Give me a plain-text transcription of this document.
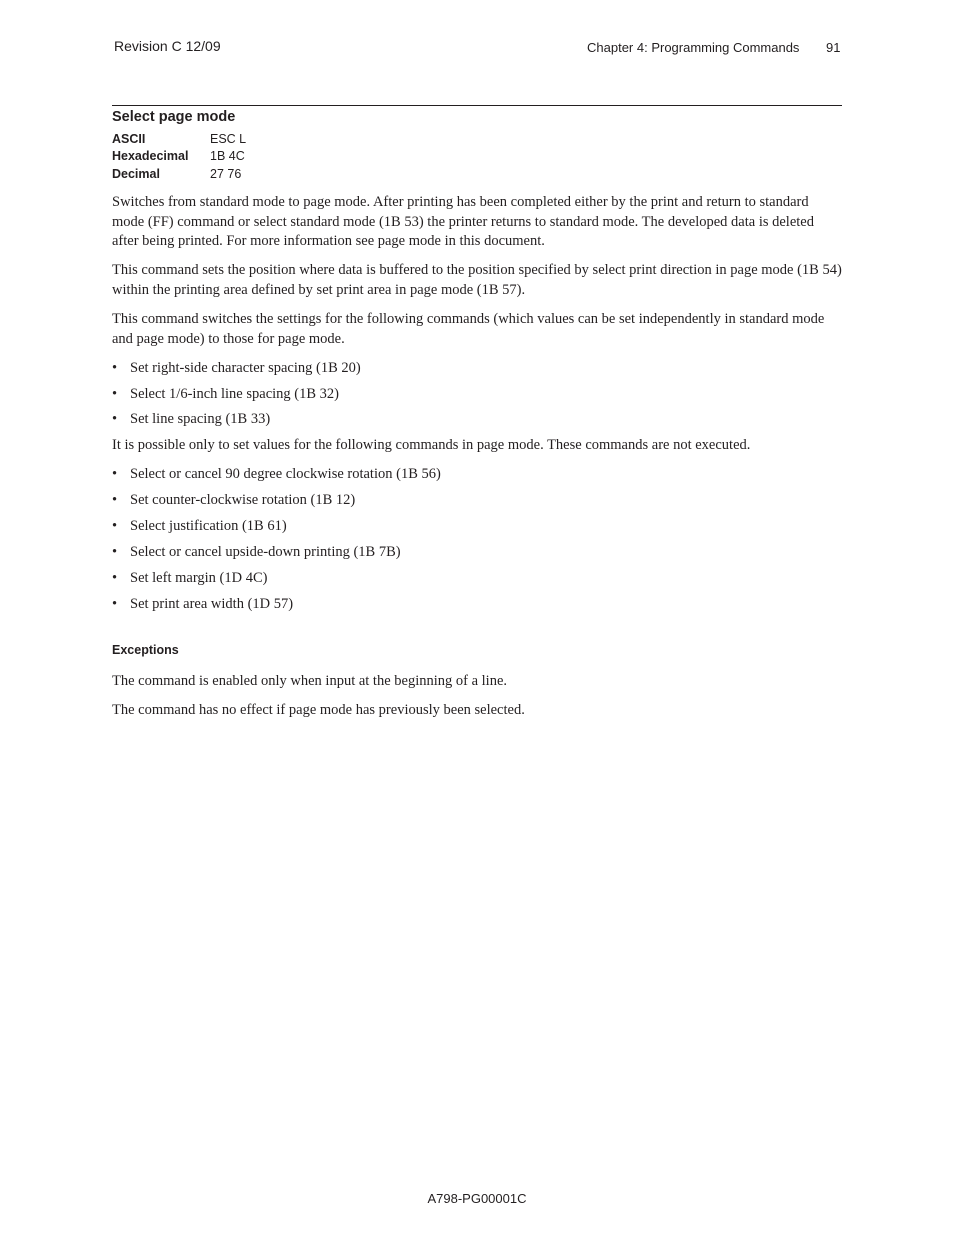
Revision C 12/09	Chapter 4: Programming Commands 91
Select page mode
ASCII	ESC L
Hexadecimal 1B 4C
Decimal	27 76

Switches from standard mode to page mode. After printing has been completed either by the print and return to standard mode (FF) command or select standard mode (1B 53) the printer returns to standard mode. The developed data is deleted after being printed. For more information see page mode in this document.

This command sets the position where data is buffered to the position specified by select print direction in page mode (1B 54) within the printing area defined by set print area in page mode (1B 57).

This command switches the settings for the following commands (which values can be set independently in standard mode and page mode) to those for page mode.

• Set right-side character spacing (1B 20)
• Select 1/6-inch line spacing (1B 32)
• Set line spacing (1B 33)

It is possible only to set values for the following commands in page mode. These commands are not executed.

• Select or cancel 90 degree clockwise rotation (1B 56)
• Set counter-clockwise rotation (1B 12)
• Select justification (1B 61)
• Select or cancel upside-down printing (1B 7B)
• Set left margin (1D 4C)
• Set print area width (1D 57)
Exceptions

The command is enabled only when input at the beginning of a line.

The command has no effect if page mode has previously been selected.

A798-PG00001C
